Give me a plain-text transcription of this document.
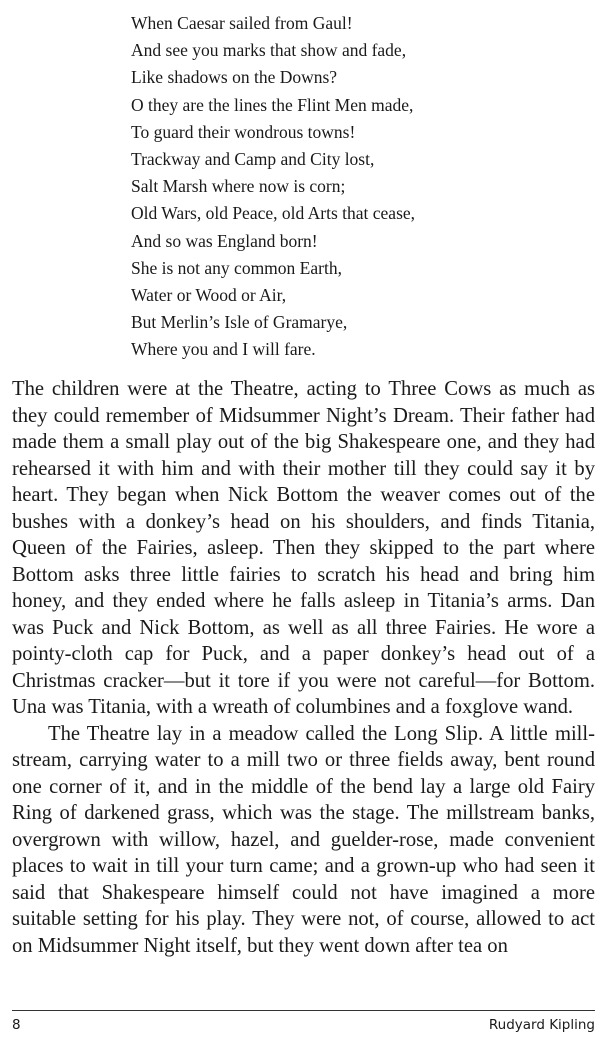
When Caesar sailed from Gaul!
And see you marks that show and fade,
Like shadows on the Downs?
O they are the lines the Flint Men made,
To guard their wondrous towns!
Trackway and Camp and City lost,
Salt Marsh where now is corn;
Old Wars, old Peace, old Arts that cease,
And so was England born!
She is not any common Earth,
Water or Wood or Air,
But Merlin’s Isle of Gramarye,
Where you and I will fare.

The children were at the Theatre, acting to Three Cows as much as they could remember of Midsummer Night’s Dream. Their father had made them a small play out of the big Shakespeare one, and they had rehearsed it with him and with their mother till they could say it by heart. They began when Nick Bottom the weaver comes out of the bushes with a donkey’s head on his shoulders, and finds Titania, Queen of the Fairies, asleep. Then they skipped to the part where Bottom asks three little fairies to scratch his head and bring him honey, and they ended where he falls asleep in Titania’s arms. Dan was Puck and Nick Bottom, as well as all three Fairies. He wore a pointy-cloth cap for Puck, and a paper donkey’s head out of a Christmas cracker—but it tore if you were not careful—for Bottom. Una was Titania, with a wreath of columbines and a foxglove wand.

The Theatre lay in a meadow called the Long Slip. A little mill-stream, carrying water to a mill two or three fields away, bent round one corner of it, and in the middle of the bend lay a large old Fairy Ring of darkened grass, which was the stage. The millstream banks, overgrown with willow, hazel, and guelder-rose, made convenient places to wait in till your turn came; and a grown-up who had seen it said that Shakespeare himself could not have imagined a more suitable setting for his play. They were not, of course, allowed to act on Midsummer Night itself, but they went down after tea on

8	Rudyard Kipling
